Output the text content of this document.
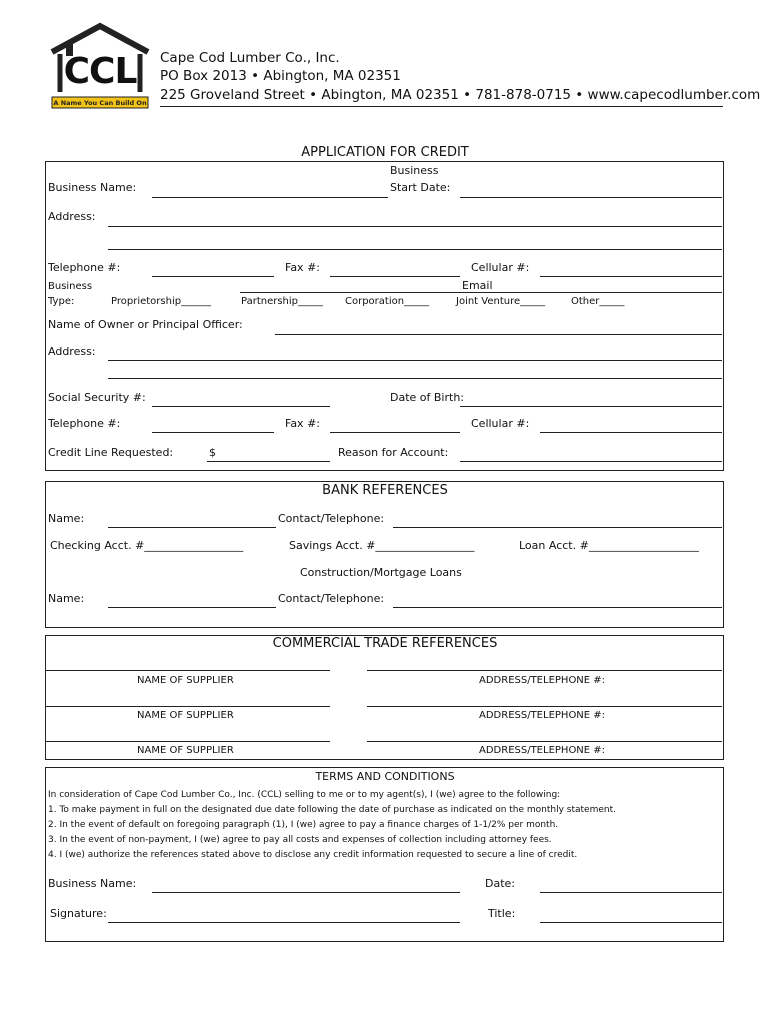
CCL
A Name You Can Build On
Cape Cod Lumber Co., Inc.
PO Box 2013 • Abington, MA 02351
225 Groveland Street • Abington, MA 02351 • 781-878-0715 • www.capecodlumber.com
APPLICATION FOR CREDIT
Business
Business Name:	Start Date:
Address:
Telephone #:	Fax #:	Cellular #:
Business	Email
Type:	Proprietorship______	Partnership_____ Corporation_____	Joint Venture_____	Other_____
Name of Owner or Principal Officer:
Address:
Social Security #:	Date of Birth:
Telephone #:	Fax #:	Cellular #:
Credit Line Requested:	$	Reason for Account:
BANK REFERENCES
Name:	Contact/Telephone:
Checking Acct. #__________________	Savings Acct. #__________________	Loan Acct. #____________________
Construction/Mortgage Loans
Name:	Contact/Telephone:
COMMERCIAL TRADE REFERENCES
NAME OF SUPPLIER	ADDRESS/TELEPHONE #:
NAME OF SUPPLIER	ADDRESS/TELEPHONE #:
NAME OF SUPPLIER	ADDRESS/TELEPHONE #:
TERMS AND CONDITIONS
In consideration of Cape Cod Lumber Co., Inc. (CCL) selling to me or to my agent(s), I (we) agree to the following:
1. To make payment in full on the designated due date following the date of purchase as indicated on the monthly statement.
2. In the event of default on foregoing paragraph (1), I (we) agree to pay a finance charges of 1-1/2% per month.
3. In the event of non-payment, I (we) agree to pay all costs and expenses of collection including attorney fees.
4. I (we) authorize the references stated above to disclose any credit information requested to secure a line of credit.
Business Name:	Date:
Signature:	Title:
